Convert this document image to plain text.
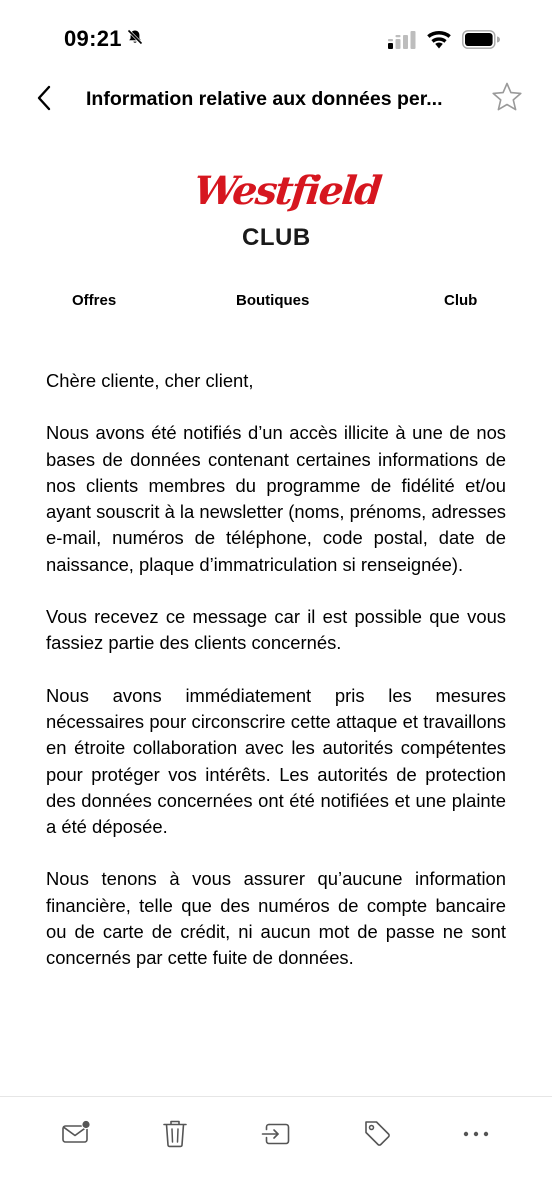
09:21
Information relative aux données per...
Westfield
CLUB
Offres	Boutiques	Club

Chère cliente, cher client,

Nous avons été notifiés d’un accès illicite à une de nos bases de données contenant certaines informations de nos clients membres du programme de fidélité et/ou ayant souscrit à la newsletter (noms, prénoms, adresses e-mail, numéros de téléphone, code postal, date de naissance, plaque d’immatriculation si renseignée).

Vous recevez ce message car il est possible que vous fassiez partie des clients concernés.

Nous avons immédiatement pris les mesures nécessaires pour circonscrire cette attaque et travaillons en étroite collaboration avec les autorités compétentes pour protéger vos intérêts. Les autorités de protection des données concernées ont été notifiées et une plainte a été déposée.

Nous tenons à vous assurer qu’aucune information financière, telle que des numéros de compte bancaire ou de carte de crédit, ni aucun mot de passe ne sont concernés par cette fuite de données.
